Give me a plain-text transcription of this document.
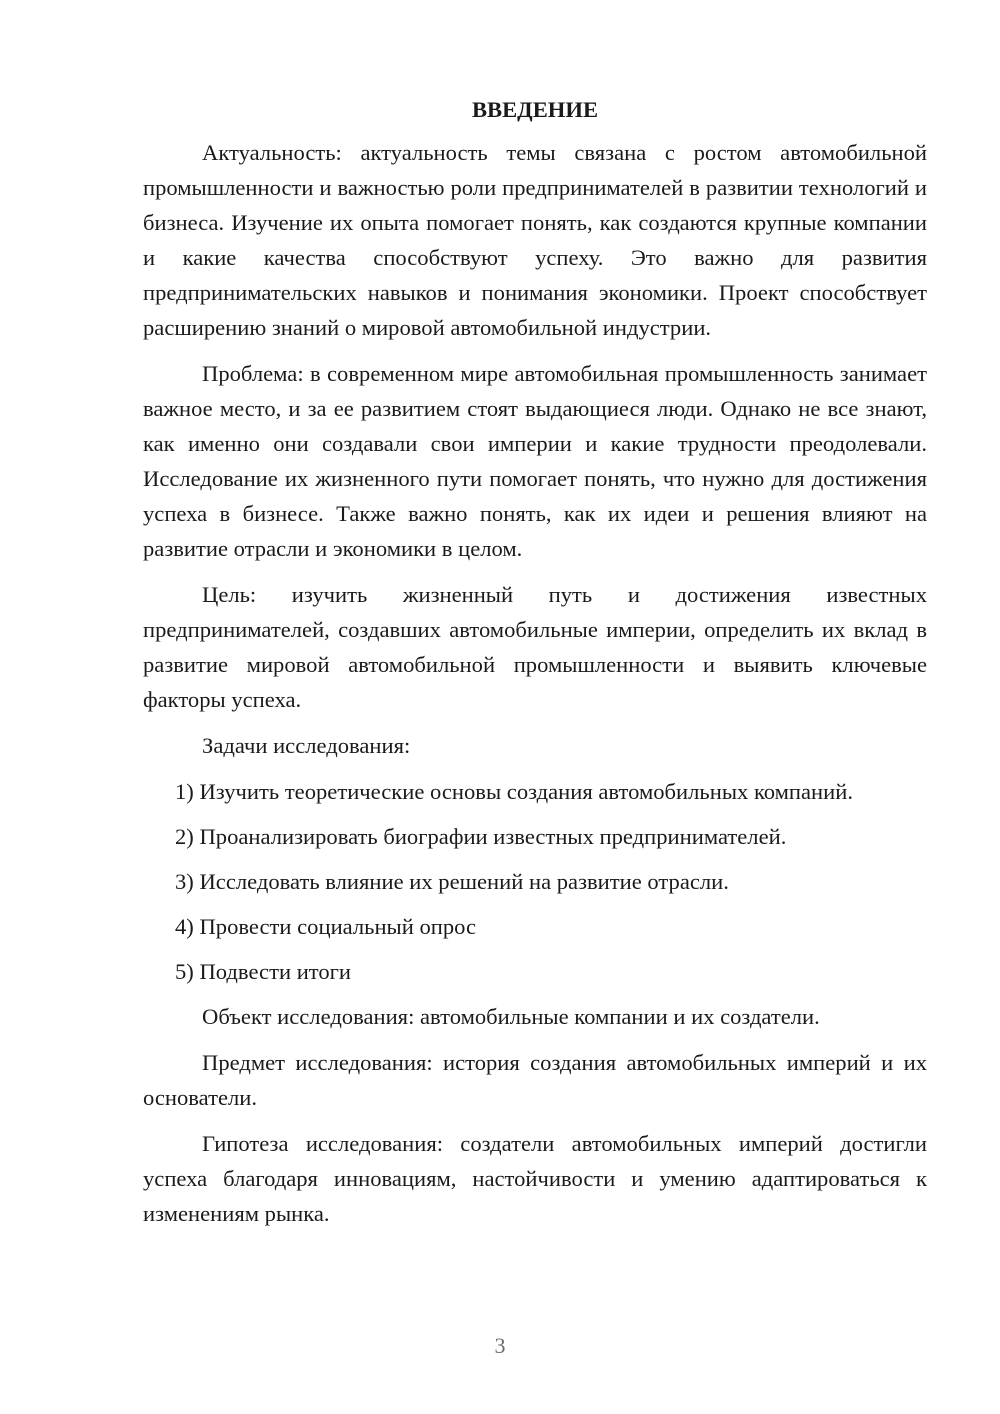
ВВЕДЕНИЕ

Актуальность: актуальность темы связана с ростом автомобильной промышленности и важностью роли предпринимателей в развитии технологий и бизнеса. Изучение их опыта помогает понять, как создаются крупные компании и какие качества способствуют успеху. Это важно для развития предпринимательских навыков и понимания экономики. Проект способствует расширению знаний о мировой автомобильной индустрии.

Проблема: в современном мире автомобильная промышленность занимает важное место, и за ее развитием стоят выдающиеся люди. Однако не все знают, как именно они создавали свои империи и какие трудности преодолевали. Исследование их жизненного пути помогает понять, что нужно для достижения успеха в бизнесе. Также важно понять, как их идеи и решения влияют на развитие отрасли и экономики в целом.

Цель: изучить жизненный путь и достижения известных предпринимателей, создавших автомобильные империи, определить их вклад в развитие мировой автомобильной промышленности и выявить ключевые факторы успеха.

Задачи исследования:

1) Изучить теоретические основы создания автомобильных компаний.
2) Проанализировать биографии известных предпринимателей.
3) Исследовать влияние их решений на развитие отрасли.
4) Провести социальный опрос
5) Подвести итоги

Объект исследования: автомобильные компании и их создатели.

Предмет исследования: история создания автомобильных империй и их основатели.

Гипотеза исследования: создатели автомобильных империй достигли успеха благодаря инновациям, настойчивости и умению адаптироваться к изменениям рынка.

3
